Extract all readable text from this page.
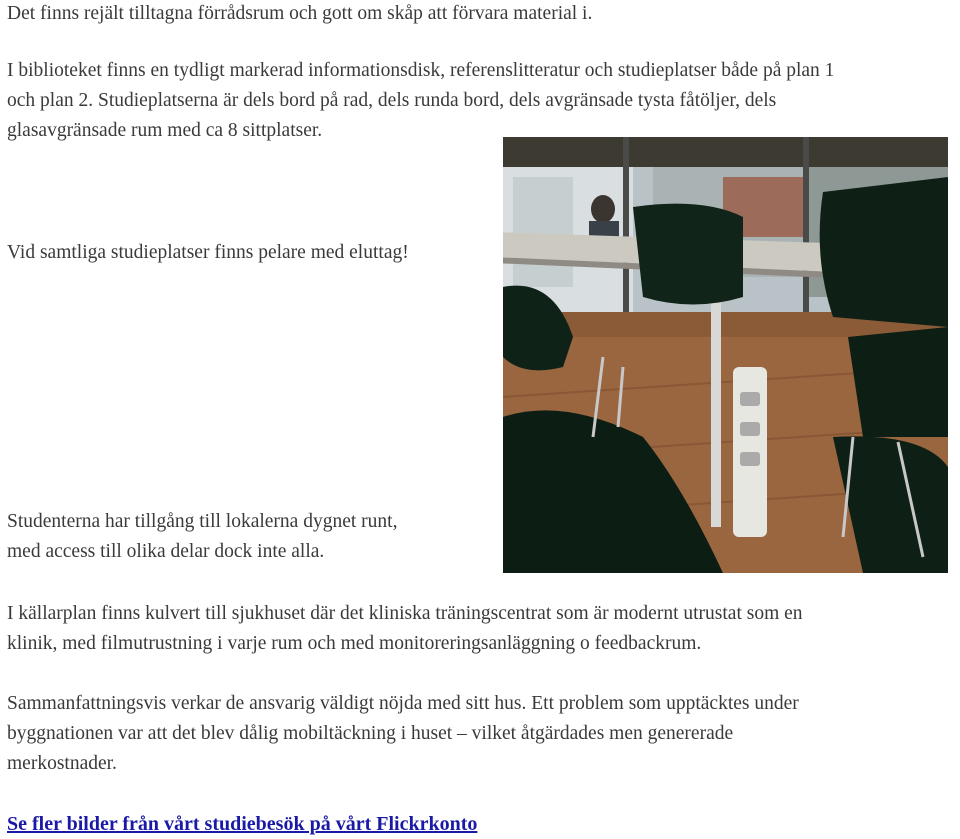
Det finns rejält tilltagna förrådsrum och gott om skåp att förvara material i.

I biblioteket finns en tydligt markerad informationsdisk, referenslitteratur och studieplatser både på plan 1

och plan 2. Studieplatserna är dels bord på rad, dels runda bord, dels avgränsade tysta fåtöljer, dels

glasavgränsade rum med ca 8 sittplatser.

Vid samtliga studieplatser finns pelare med eluttag!

Studenterna har tillgång till lokalerna dygnet runt,

med access till olika delar dock inte alla.

I källarplan finns kulvert till sjukhuset där det kliniska träningscentrat som är modernt utrustat som en

klinik, med filmutrustning i varje rum och med monitoreringsanläggning o feedbackrum.

Sammanfattningsvis verkar de ansvarig väldigt nöjda med sitt hus. Ett problem som upptäcktes under

byggnationen var att det blev dålig mobiltäckning i huset – vilket åtgärdades men genererade

merkostnader.

Se fler bilder från vårt studiebesök på vårt Flickrkonto
